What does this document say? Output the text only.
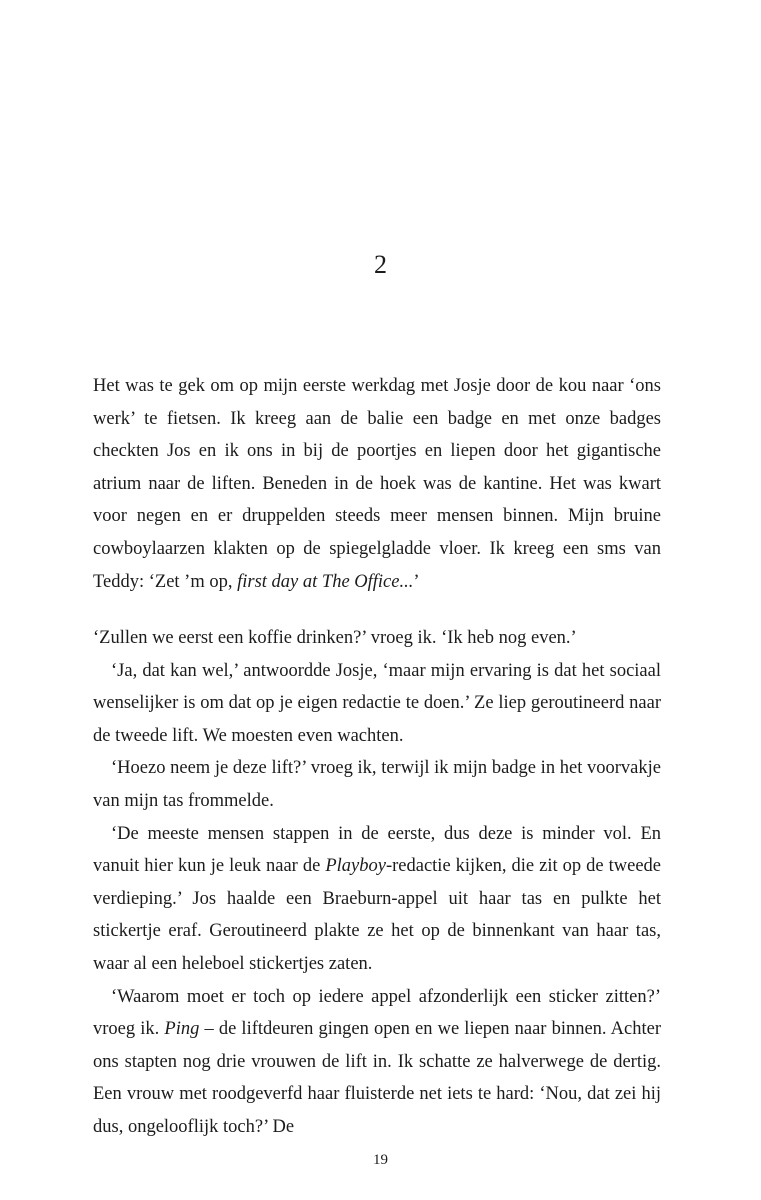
2

Het was te gek om op mijn eerste werkdag met Josje door de kou naar ‘ons werk’ te fietsen. Ik kreeg aan de balie een badge en met onze badges checkten Jos en ik ons in bij de poortjes en liepen door het gigantische atrium naar de liften. Beneden in de hoek was de kantine. Het was kwart voor negen en er druppelden steeds meer mensen binnen. Mijn bruine cowboylaarzen klakten op de spiegelgladde vloer. Ik kreeg een sms van Teddy: ‘Zet ’m op, first day at The Office...’

‘Zullen we eerst een koffie drinken?’ vroeg ik. ‘Ik heb nog even.’

‘Ja, dat kan wel,’ antwoordde Josje, ‘maar mijn ervaring is dat het sociaal wenselijker is om dat op je eigen redactie te doen.’ Ze liep geroutineerd naar de tweede lift. We moesten even wachten.

‘Hoezo neem je deze lift?’ vroeg ik, terwijl ik mijn badge in het voorvakje van mijn tas frommelde.

‘De meeste mensen stappen in de eerste, dus deze is minder vol. En vanuit hier kun je leuk naar de Playboy-redactie kijken, die zit op de tweede verdieping.’ Jos haalde een Braeburn-appel uit haar tas en pulkte het stickertje eraf. Geroutineerd plakte ze het op de binnenkant van haar tas, waar al een heleboel stickertjes zaten.

‘Waarom moet er toch op iedere appel afzonderlijk een sticker zitten?’ vroeg ik. Ping – de liftdeuren gingen open en we liepen naar binnen. Achter ons stapten nog drie vrouwen de lift in. Ik schatte ze halverwege de dertig. Een vrouw met roodgeverfd haar fluisterde net iets te hard: ‘Nou, dat zei hij dus, ongelooflijk toch?’ De

19
